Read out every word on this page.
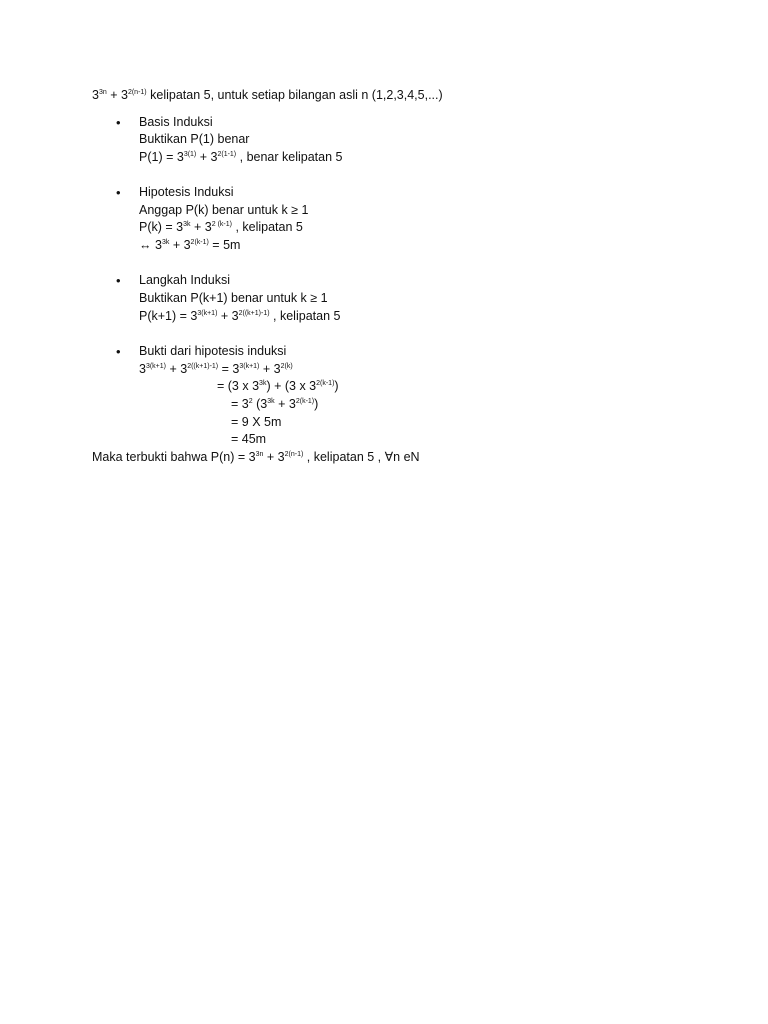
$3^{3n} + 3^{2(n-1)}$ kelipatan 5, untuk setiap bilangan asli n (1,2,3,4,5,...)
• Basis Induksi
Buktikan P(1) benar
$P(1) = 3^{3(1)} + 3^{2(1-1)}$ , benar kelipatan 5
• Hipotesis Induksi
Anggap P(k) benar untuk k ≥ 1
$P(k) = 3^{3k} + 3^{2 (k-1)}$ , kelipatan 5
↔ $3^{3k} + 3^{2(k-1)} = 5m$
• Langkah Induksi
Buktikan P(k+1) benar untuk k ≥ 1
$P(k+1) = 3^{3(k+1)} + 3^{2((k+1)-1)}$ , kelipatan 5
• Bukti dari hipotesis induksi
$3^{3(k+1)} + 3^{2((k+1)-1)} = 3^{3(k+1)} + 3^{2(k)}$
= (3 x $3^{3k}) + (3$ x $3^{2(k-1)}$)
= $3^2$ $(3^{3k} + 3^{2(k-1)})$
= 9 X 5m
= 45m
Maka terbukti bahwa $P(n) = 3^{3n} + 3^{2(n-1)}$ , kelipatan 5 , ∀n eN
